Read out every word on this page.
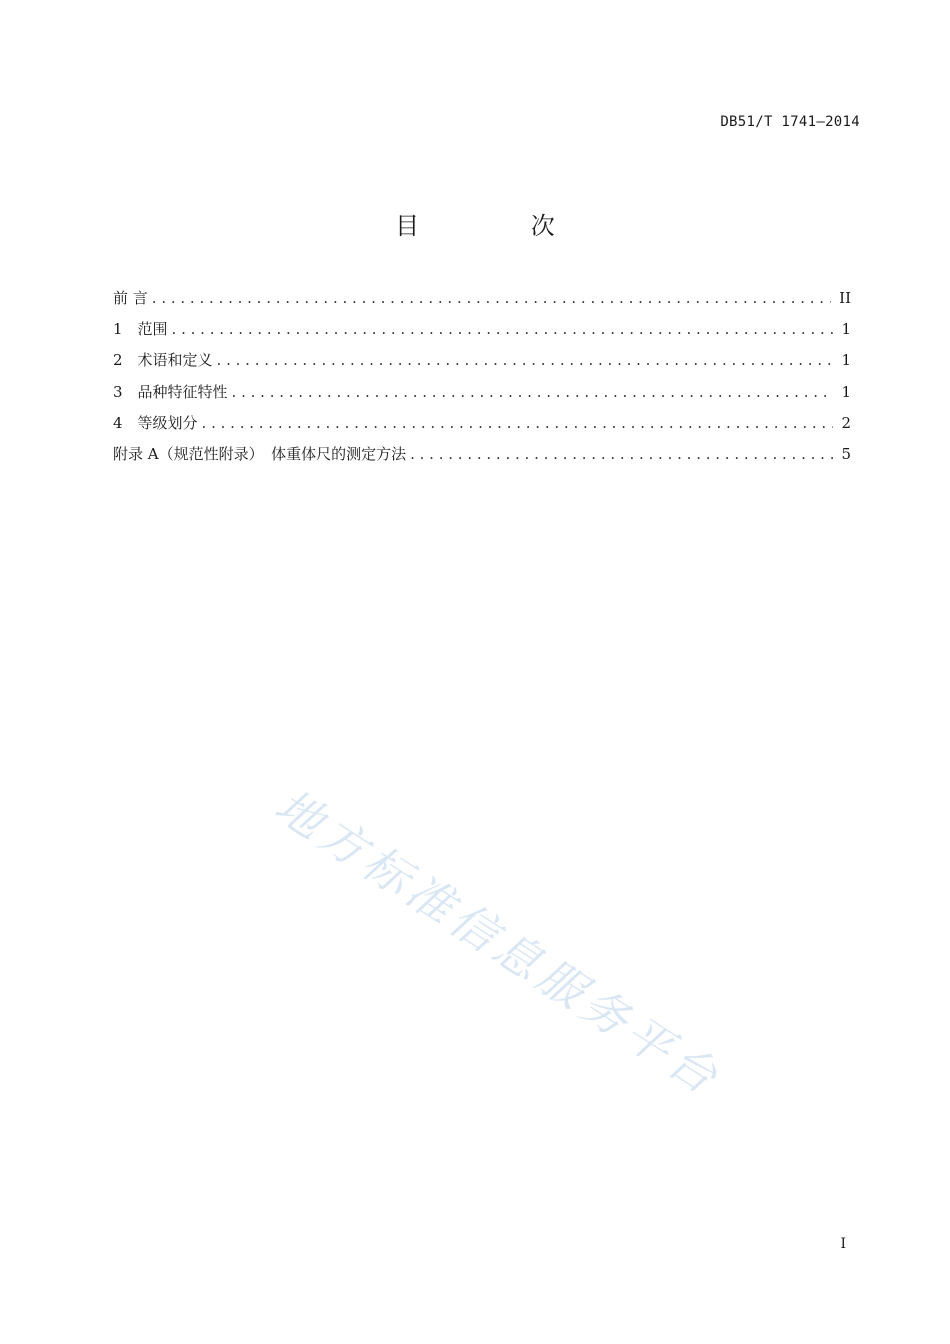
DB51/T 1741—2014
目 次
前 言 . . .	II
1　范围 . . .	1
2　术语和定义 . . .	1
3　品种特征特性 . . .	1
4　等级划分 . . .	2
附录 A（规范性附录）　体重体尺的测定方法 . . .	5
地方标准信息服务平台
I
